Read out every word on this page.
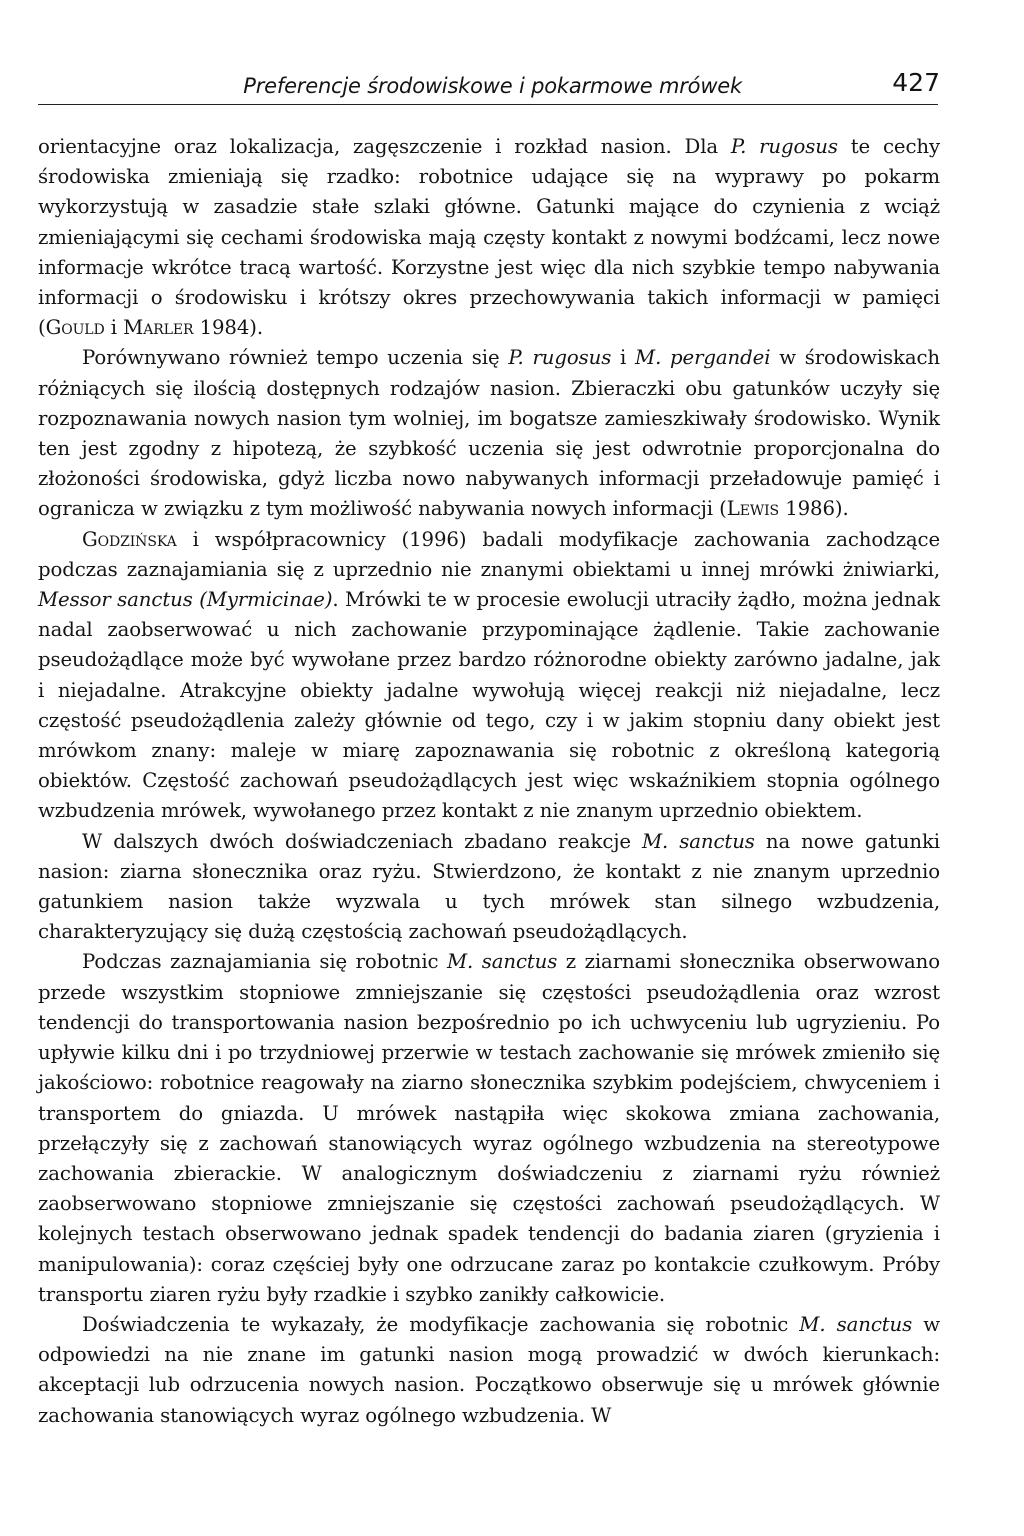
Preferencje środowiskowe i pokarmowe mrówek	427

orientacyjne oraz lokalizacja, zagęszczenie i rozkład nasion. Dla P. rugosus te cechy środowiska zmieniają się rzadko: robotnice udające się na wyprawy po pokarm wykorzystują w zasadzie stałe szlaki główne. Gatunki mające do czynienia z wciąż zmieniającymi się cechami środowiska mają częsty kontakt z nowymi bodźcami, lecz nowe informacje wkrótce tracą wartość. Korzystne jest więc dla nich szybkie tempo nabywania informacji o środowisku i krótszy okres przechowywania takich informacji w pamięci (Gould i Marler 1984).

Porównywano również tempo uczenia się P. rugosus i M. pergandei w środowiskach różniących się ilością dostępnych rodzajów nasion. Zbieraczki obu gatunków uczyły się rozpoznawania nowych nasion tym wolniej, im bogatsze zamieszkiwały środowisko. Wynik ten jest zgodny z hipotezą, że szybkość uczenia się jest odwrotnie proporcjonalna do złożoności środowiska, gdyż liczba nowo nabywanych informacji przeładowuje pamięć i ogranicza w związku z tym możliwość nabywania nowych informacji (Lewis 1986).

Godzińska i współpracownicy (1996) badali modyfikacje zachowania zachodzące podczas zaznajamiania się z uprzednio nie znanymi obiektami u innej mrówki żniwiarki, Messor sanctus (Myrmicinae). Mrówki te w procesie ewolucji utraciły żądło, można jednak nadal zaobserwować u nich zachowanie przypominające żądlenie. Takie zachowanie pseudożądlące może być wywołane przez bardzo różnorodne obiekty zarówno jadalne, jak i niejadalne. Atrakcyjne obiekty jadalne wywołują więcej reakcji niż niejadalne, lecz częstość pseudożądlenia zależy głównie od tego, czy i w jakim stopniu dany obiekt jest mrówkom znany: maleje w miarę zapoznawania się robotnic z określoną kategorią obiektów. Częstość zachowań pseudożądlących jest więc wskaźnikiem stopnia ogólnego wzbudzenia mrówek, wywołanego przez kontakt z nie znanym uprzednio obiektem.

W dalszych dwóch doświadczeniach zbadano reakcje M. sanctus na nowe gatunki nasion: ziarna słonecznika oraz ryżu. Stwierdzono, że kontakt z nie znanym uprzednio gatunkiem nasion także wyzwala u tych mrówek stan silnego wzbudzenia, charakteryzujący się dużą częstością zachowań pseudożądlących.

Podczas zaznajamiania się robotnic M. sanctus z ziarnami słonecznika obserwowano przede wszystkim stopniowe zmniejszanie się częstości pseudożądlenia oraz wzrost tendencji do transportowania nasion bezpośrednio po ich uchwyceniu lub ugryzieniu. Po upływie kilku dni i po trzydniowej przerwie w testach zachowanie się mrówek zmieniło się jakościowo: robotnice reagowały na ziarno słonecznika szybkim podejściem, chwyceniem i transportem do gniazda. U mrówek nastąpiła więc skokowa zmiana zachowania, przełączyły się z zachowań stanowiących wyraz ogólnego wzbudzenia na stereotypowe zachowania zbierackie. W analogicznym doświadczeniu z ziarnami ryżu również zaobserwowano stopniowe zmniejszanie się częstości zachowań pseudożądlących. W kolejnych testach obserwowano jednak spadek tendencji do badania ziaren (gryzienia i manipulowania): coraz częściej były one odrzucane zaraz po kontakcie czułkowym. Próby transportu ziaren ryżu były rzadkie i szybko zanikły całkowicie.

Doświadczenia te wykazały, że modyfikacje zachowania się robotnic M. sanctus w odpowiedzi na nie znane im gatunki nasion mogą prowadzić w dwóch kierunkach: akceptacji lub odrzucenia nowych nasion. Początkowo obserwuje się u mrówek głównie zachowania stanowiących wyraz ogólnego wzbudzenia. W
